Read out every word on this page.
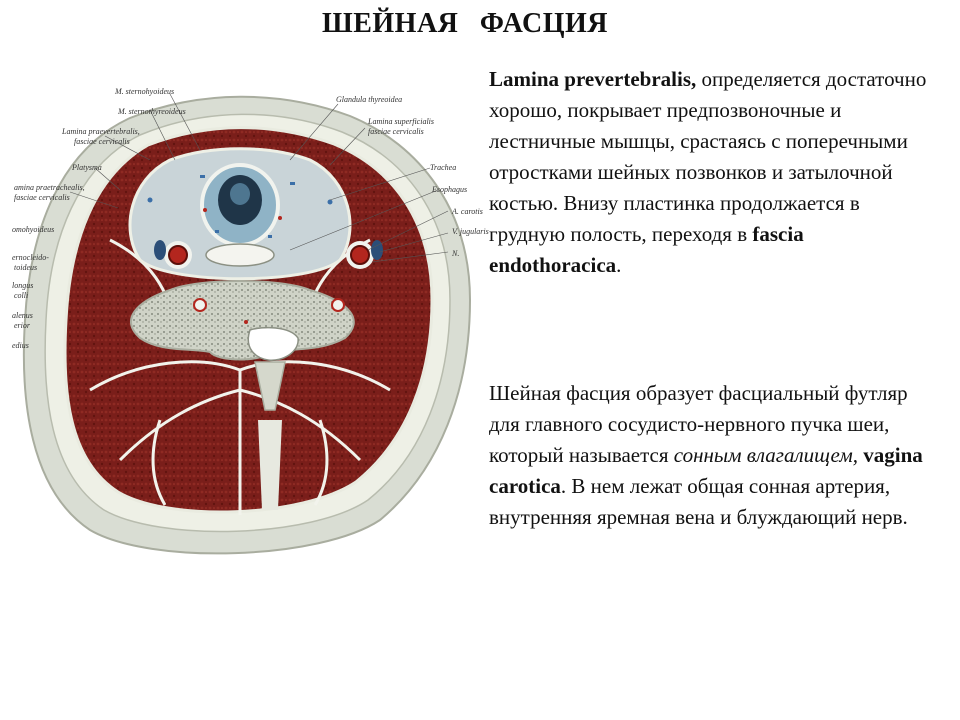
ШЕЙНАЯ ФАСЦИЯ
M. sternohyoideus
M. sternothyreoideus
Lamina praevertebralis,
fasciae cervicalis
Platysma
amina praetrachealis,
fasciae cervicalis
omohyoideus
ernocleido-
toideus
longus
colli
alenus
erior
edius
Glandula thyreoidea
Lamina superficialis
fasciae cervicalis
Trachea
Esophagus
A. carotis
V. jugularis
N.
Lamina prevertebralis, определяется достаточно хорошо, покрывает предпозвоночные и лестничные мышцы, срастаясь с поперечными отростками шейных позвонков и затылочной костью. Внизу пластинка продолжается в грудную полость, переходя в fascia endothoracica.
Шейная фасция образует фасциальный футляр для главного сосудисто-нервного пучка шеи, который называется сонным влагалищем, vagina carotica. В нем лежат общая сонная артерия, внутренняя яремная вена и блуждающий нерв.
